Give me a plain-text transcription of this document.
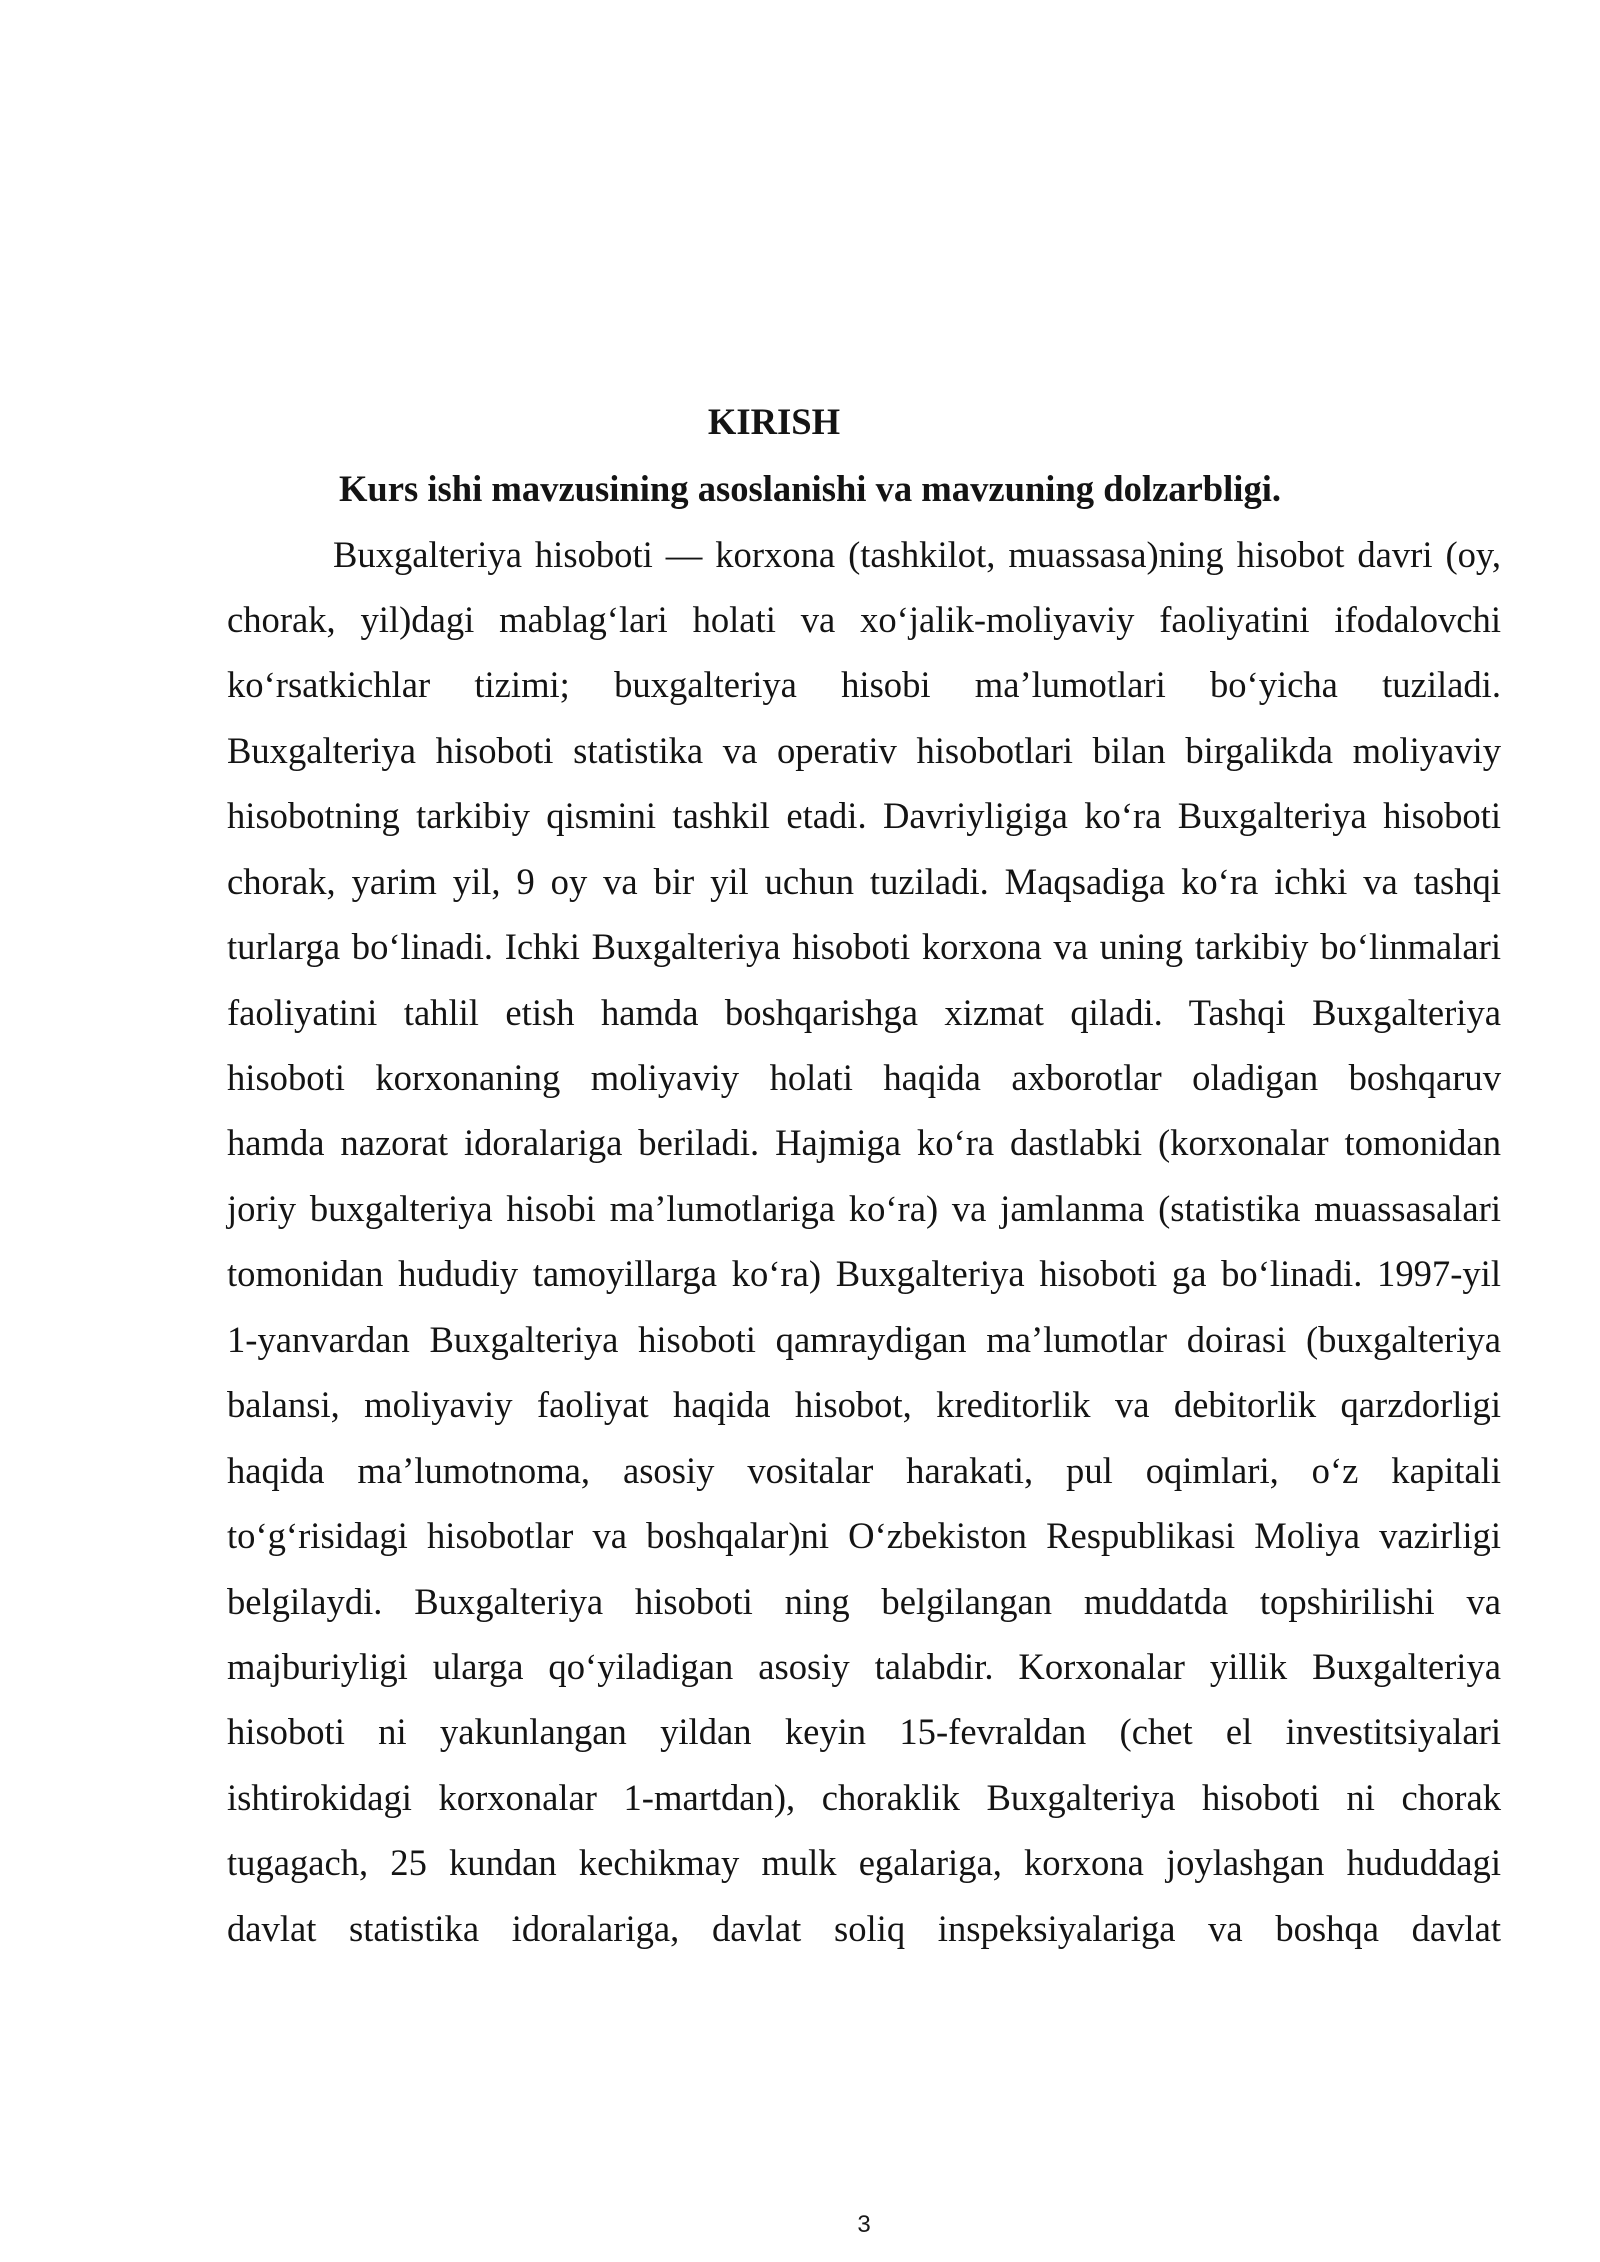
KIRISH
Kurs ishi mavzusining asoslanishi va mavzuning dolzarbligi.
Buxgalteriya hisoboti — korxona (tashkilot, muassasa)ning hisobot davri (oy,
chorak, yil)dagi mablag‘lari holati va xo‘jalik-moliyaviy faoliyatini ifodalovchi
ko‘rsatkichlar tizimi; buxgalteriya hisobi ma’lumotlari bo‘yicha tuziladi.
Buxgalteriya hisoboti statistika va operativ hisobotlari bilan birgalikda moliyaviy
hisobotning tarkibiy qismini tashkil etadi. Davriyligiga ko‘ra Buxgalteriya hisoboti
chorak, yarim yil, 9 oy va bir yil uchun tuziladi. Maqsadiga ko‘ra ichki va tashqi
turlarga bo‘linadi. Ichki Buxgalteriya hisoboti korxona va uning tarkibiy bo‘linmalari
faoliyatini tahlil etish hamda boshqarishga xizmat qiladi. Tashqi Buxgalteriya
hisoboti korxonaning moliyaviy holati haqida axborotlar oladigan boshqaruv
hamda nazorat idoralariga beriladi. Hajmiga ko‘ra dastlabki (korxonalar tomonidan
joriy buxgalteriya hisobi ma’lumotlariga ko‘ra) va jamlanma (statistika muassasalari
tomonidan hududiy tamoyillarga ko‘ra) Buxgalteriya hisoboti ga bo‘linadi. 1997-yil
1-yanvardan Buxgalteriya hisoboti qamraydigan ma’lumotlar doirasi (buxgalteriya
balansi, moliyaviy faoliyat haqida hisobot, kreditorlik va debitorlik qarzdorligi
haqida ma’lumotnoma, asosiy vositalar harakati, pul oqimlari, o‘z kapitali
to‘g‘risidagi hisobotlar va boshqalar)ni O‘zbekiston Respublikasi Moliya vazirligi
belgilaydi. Buxgalteriya hisoboti ning belgilangan muddatda topshirilishi va
majburiyligi ularga qo‘yiladigan asosiy talabdir. Korxonalar yillik Buxgalteriya
hisoboti ni yakunlangan yildan keyin 15-fevraldan (chet el investitsiyalari
ishtirokidagi korxonalar 1-martdan), choraklik Buxgalteriya hisoboti ni chorak
tugagach, 25 kundan kechikmay mulk egalariga, korxona joylashgan hududdagi
davlat statistika idoralariga, davlat soliq inspeksiyalariga va boshqa davlat
3
